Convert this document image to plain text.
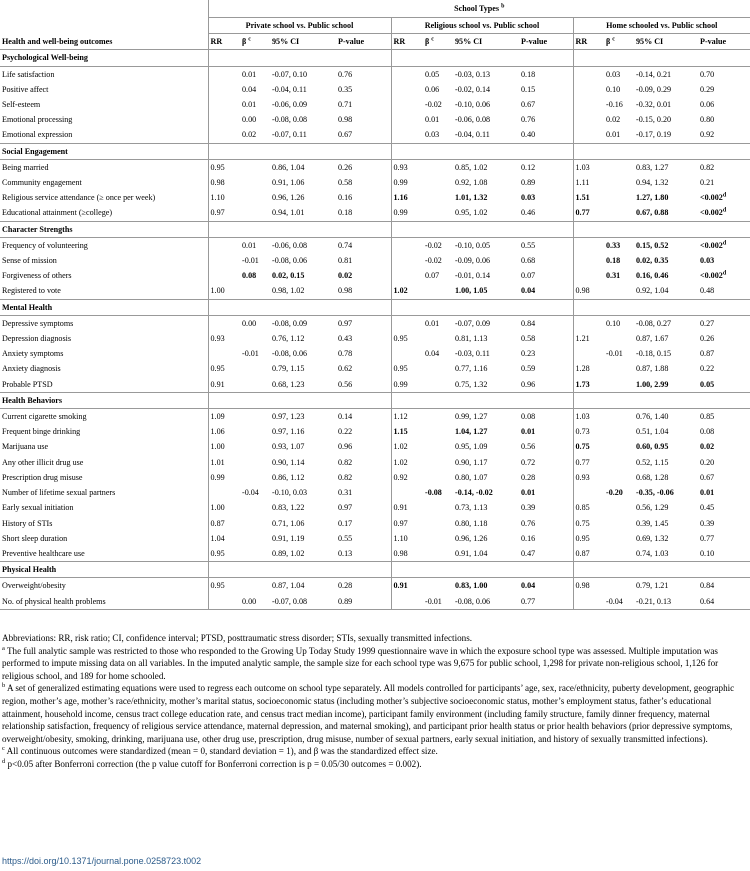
	School Types $^b$
	Private school vs. Public school				Religious school vs. Public school				Home schooled vs. Public school			
Health and well-being outcomes	RR	β $^c$	95% CI	P-value	RR	β $^c$	95% CI	P-value	RR	β $^c$	95% CI	P-value
Psychological Well-being												
Life satisfaction		0.01	-0.07, 0.10	0.76		0.05	-0.03, 0.13	0.18		0.03	-0.14, 0.21	0.70
Positive affect		0.04	-0.04, 0.11	0.35		0.06	-0.02, 0.14	0.15		0.10	-0.09, 0.29	0.29
Self-esteem		0.01	-0.06, 0.09	0.71		-0.02	-0.10, 0.06	0.67		-0.16	-0.32, 0.01	0.06
Emotional processing		0.00	-0.08, 0.08	0.98		0.01	-0.06, 0.08	0.76		0.02	-0.15, 0.20	0.80
Emotional expression		0.02	-0.07, 0.11	0.67		0.03	-0.04, 0.11	0.40		0.01	-0.17, 0.19	0.92
Social Engagement												
Being married	0.95		0.86, 1.04	0.26	0.93		0.85, 1.02	0.12	1.03		0.83, 1.27	0.82
Community engagement	0.98		0.91, 1.06	0.58	0.99		0.92, 1.08	0.89	1.11		0.94, 1.32	0.21
Religious service attendance (≥ once per week)	1.10		0.96, 1.26	0.16	1.16		1.01, 1.32	0.03	1.51		1.27, 1.80	<0.002$^d$
Educational attainment (≥college)	0.97		0.94, 1.01	0.18	0.99		0.95, 1.02	0.46	0.77		0.67, 0.88	<0.002$^d$
Character Strengths												
Frequency of volunteering		0.01	-0.06, 0.08	0.74		-0.02	-0.10, 0.05	0.55		0.33	0.15, 0.52	<0.002$^d$
Sense of mission		-0.01	-0.08, 0.06	0.81		-0.02	-0.09, 0.06	0.68		0.18	0.02, 0.35	0.03
Forgiveness of others		0.08	0.02, 0.15	0.02		0.07	-0.01, 0.14	0.07		0.31	0.16, 0.46	<0.002$^d$
Registered to vote	1.00		0.98, 1.02	0.98	1.02		1.00, 1.05	0.04	0.98		0.92, 1.04	0.48
Mental Health												
Depressive symptoms		0.00	-0.08, 0.09	0.97		0.01	-0.07, 0.09	0.84		0.10	-0.08, 0.27	0.27
Depression diagnosis	0.93		0.76, 1.12	0.43	0.95		0.81, 1.13	0.58	1.21		0.87, 1.67	0.26
Anxiety symptoms		-0.01	-0.08, 0.06	0.78		0.04	-0.03, 0.11	0.23		-0.01	-0.18, 0.15	0.87
Anxiety diagnosis	0.95		0.79, 1.15	0.62	0.95		0.77, 1.16	0.59	1.28		0.87, 1.88	0.22
Probable PTSD	0.91		0.68, 1.23	0.56	0.99		0.75, 1.32	0.96	1.73		1.00, 2.99	0.05
Health Behaviors												
Current cigarette smoking	1.09		0.97, 1.23	0.14	1.12		0.99, 1.27	0.08	1.03		0.76, 1.40	0.85
Frequent binge drinking	1.06		0.97, 1.16	0.22	1.15		1.04, 1.27	0.01	0.73		0.51, 1.04	0.08
Marijuana use	1.00		0.93, 1.07	0.96	1.02		0.95, 1.09	0.56	0.75		0.60, 0.95	0.02
Any other illicit drug use	1.01		0.90, 1.14	0.82	1.02		0.90, 1.17	0.72	0.77		0.52, 1.15	0.20
Prescription drug misuse	0.99		0.86, 1.12	0.82	0.92		0.80, 1.07	0.28	0.93		0.68, 1.28	0.67
Number of lifetime sexual partners		-0.04	-0.10, 0.03	0.31		-0.08	-0.14, -0.02	0.01		-0.20	-0.35, -0.06	0.01
Early sexual initiation	1.00		0.83, 1.22	0.97	0.91		0.73, 1.13	0.39	0.85		0.56, 1.29	0.45
History of STIs	0.87		0.71, 1.06	0.17	0.97		0.80, 1.18	0.76	0.75		0.39, 1.45	0.39
Short sleep duration	1.04		0.91, 1.19	0.55	1.10		0.96, 1.26	0.16	0.95		0.69, 1.32	0.77
Preventive healthcare use	0.95		0.89, 1.02	0.13	0.98		0.91, 1.04	0.47	0.87		0.74, 1.03	0.10
Physical Health												
Overweight/obesity	0.95		0.87, 1.04	0.28	0.91		0.83, 1.00	0.04	0.98		0.79, 1.21	0.84
No. of physical health problems		0.00	-0.07, 0.08	0.89		-0.01	-0.08, 0.06	0.77		-0.04	-0.21, 0.13	0.64

Abbreviations: RR, risk ratio; CI, confidence interval; PTSD, posttraumatic stress disorder; STIs, sexually transmitted infections.

$^a$ The full analytic sample was restricted to those who responded to the Growing Up Today Study 1999 questionnaire wave in which the exposure school type was assessed. Multiple imputation was performed to impute missing data on all variables. In the imputed analytic sample, the sample size for each school type was 9,675 for public school, 1,298 for private non-religious school, 1,126 for religious school, and 189 for home schooled.

$^b$ A set of generalized estimating equations were used to regress each outcome on school type separately. All models controlled for participants’ age, sex, race/ethnicity, puberty development, geographic region, mother’s age, mother’s race/ethnicity, mother’s marital status, socioeconomic status (including mother’s subjective socioeconomic status, mother’s employment status, father’s educational attainment, household income, census tract college education rate, and census tract median income), participant family environment (including family structure, family dinner frequency, maternal relationship satisfaction, frequency of religious service attendance, maternal depression, and maternal smoking), and participant prior health status or prior health behaviors (prior depressive symptoms, overweight/obesity, smoking, drinking, marijuana use, other drug use, prescription, drug misuse, number of sexual partners, early sexual initiation, and history of sexually transmitted infections).

$^c$ All continuous outcomes were standardized (mean = 0, standard deviation = 1), and β was the standardized effect size.

$^d$ p<0.05 after Bonferroni correction (the p value cutoff for Bonferroni correction is p = 0.05/30 outcomes = 0.002).

https://doi.org/10.1371/journal.pone.0258723.t002
